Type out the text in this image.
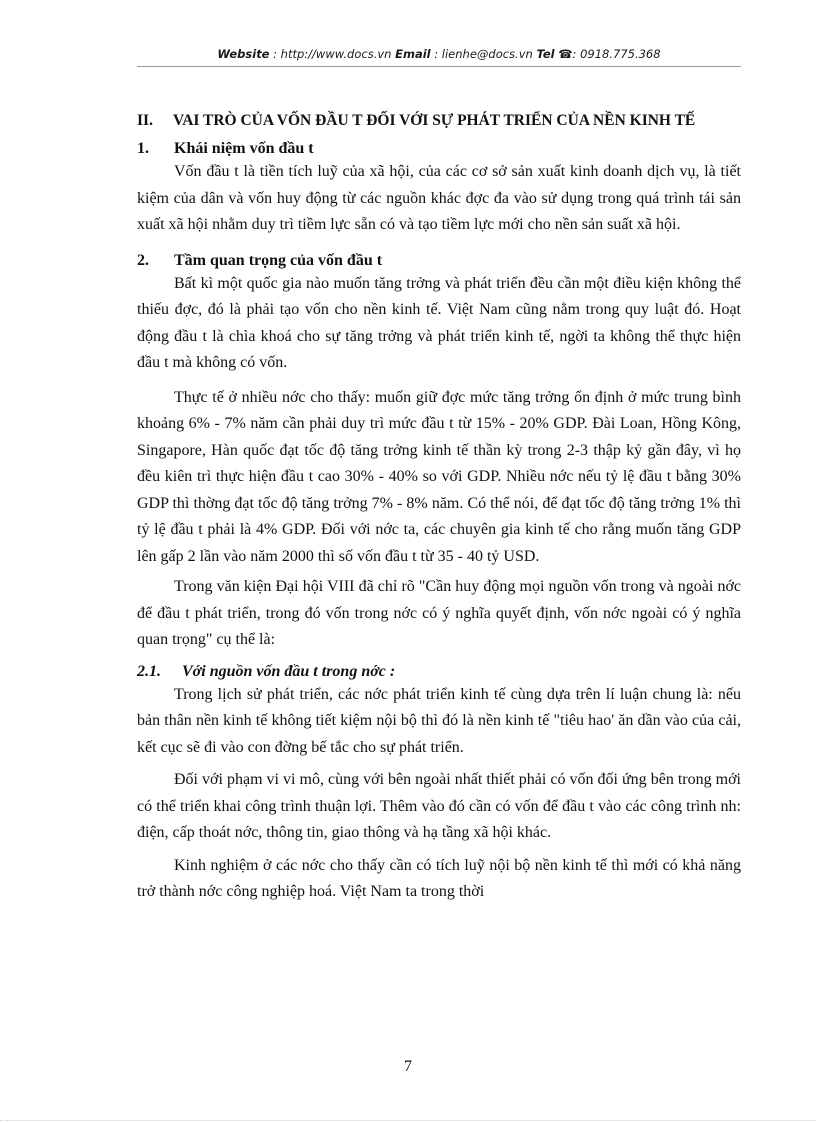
Website : http://www.docs.vn Email : lienhe@docs.vn Tel ☎: 0918.775.368
II.	VAI TRÒ CỦA VỐN ĐẦU T ĐỐI VỚI SỰ PHÁT TRIỂN CỦA NỀN KINH TẾ
1.	Khái niệm vốn đầu t

Vốn đầu t là tiền tích luỹ của xã hội, của các cơ sở sản xuất kinh doanh dịch vụ, là tiết kiệm của dân và vốn huy động từ các nguồn khác đợc đa vào sử dụng trong quá trình tái sản xuất xã hội nhằm duy trì tiềm lực sẵn có và tạo tiềm lực mới cho nền sản suất xã hội.

2.	Tầm quan trọng của vốn đầu t

Bất kì một quốc gia nào muốn tăng trởng và phát triển đều cần một điều kiện không thể thiếu đợc, đó là phải tạo vốn cho nền kinh tế. Việt Nam cũng nằm trong quy luật đó. Hoạt động đầu t là chìa khoá cho sự tăng trởng và phát triển kinh tế, ngời ta không thể thực hiện đầu t mà không có vốn.

Thực tế ở nhiều nớc cho thấy: muốn giữ đợc mức tăng trởng ổn định ở mức trung bình khoảng 6% - 7% năm cần phải duy trì mức đầu t từ 15% - 20% GDP. Đài Loan, Hồng Kông, Singapore, Hàn quốc đạt tốc độ tăng trởng kinh tế thần kỳ trong 2-3 thập kỷ gần đây, vì họ đều kiên trì thực hiện đầu t cao 30% - 40% so với GDP. Nhiều nớc nếu tỷ lệ đầu t bằng 30% GDP thì thờng đạt tốc độ tăng trởng 7% - 8% năm. Có thể nói, để đạt tốc độ tăng trởng 1% thì tỷ lệ đầu t phải là 4% GDP. Đối với nớc ta, các chuyên gia kinh tế cho rằng muốn tăng GDP lên gấp 2 lần vào năm 2000 thì số vốn đầu t từ 35 - 40 tỷ USD.

Trong văn kiện Đại hội VIII đã chỉ rõ "Cần huy động mọi nguồn vốn trong và ngoài nớc để đầu t phát triển, trong đó vốn trong nớc có ý nghĩa quyết định, vốn nớc ngoài có ý nghĩa quan trọng" cụ thể là:

2.1.	Với nguồn vốn đầu t trong nớc :

Trong lịch sử phát triển, các nớc phát triển kinh tế cùng dựa trên lí luận chung là: nếu bản thân nền kinh tế không tiết kiệm nội bộ thì đó là nền kinh tế "tiêu hao' ăn dần vào của cải, kết cục sẽ đi vào con đờng bế tắc cho sự phát triển.

Đối với phạm vi vi mô, cùng với bên ngoài nhất thiết phải có vốn đối ứng bên trong mới có thể triển khai công trình thuận lợi. Thêm vào đó cần có vốn để đầu t vào các công trình nh: điện, cấp thoát nớc, thông tin, giao thông và hạ tầng xã hội khác.

Kinh nghiệm ở các nớc cho thấy cần có tích luỹ nội bộ nền kinh tế thì mới có khả năng trở thành nớc công nghiệp hoá. Việt Nam ta trong thời

7
